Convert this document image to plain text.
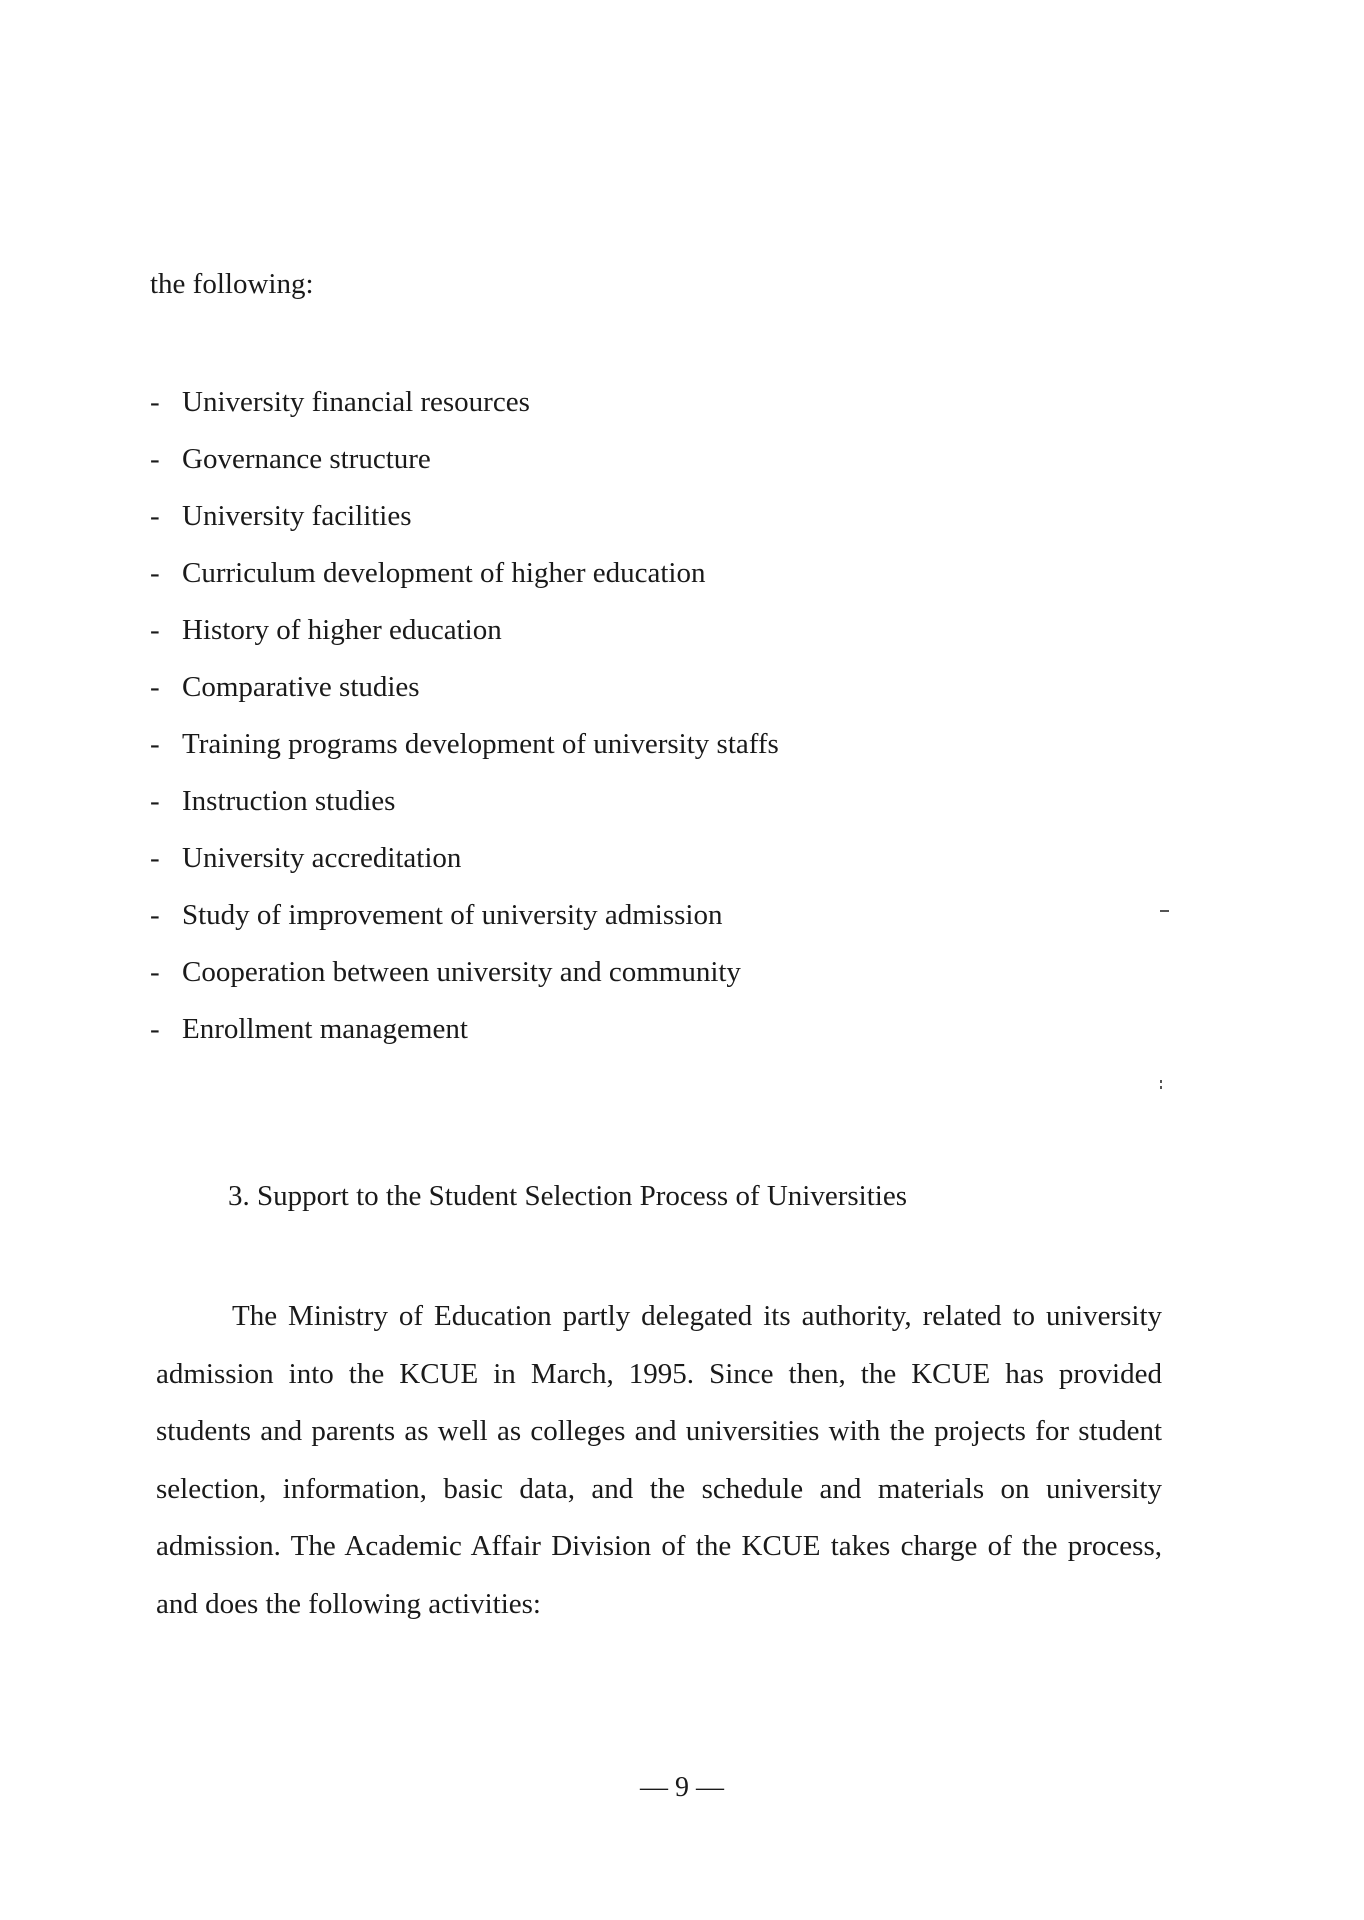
the following:

- University financial resources
- Governance structure
- University facilities
- Curriculum development of higher education
- History of higher education
- Comparative studies
- Training programs development of university staffs
- Instruction studies
- University accreditation
- Study of improvement of university admission
- Cooperation between university and community
- Enrollment management
3. Support to the Student Selection Process of Universities

The Ministry of Education partly delegated its authority, related to university admission into the KCUE in March, 1995. Since then, the KCUE has provided students and parents as well as colleges and universities with the projects for student selection, information, basic data, and the schedule and materials on university admission. The Academic Affair Division of the KCUE takes charge of the process, and does the following activities:

— 9 —
